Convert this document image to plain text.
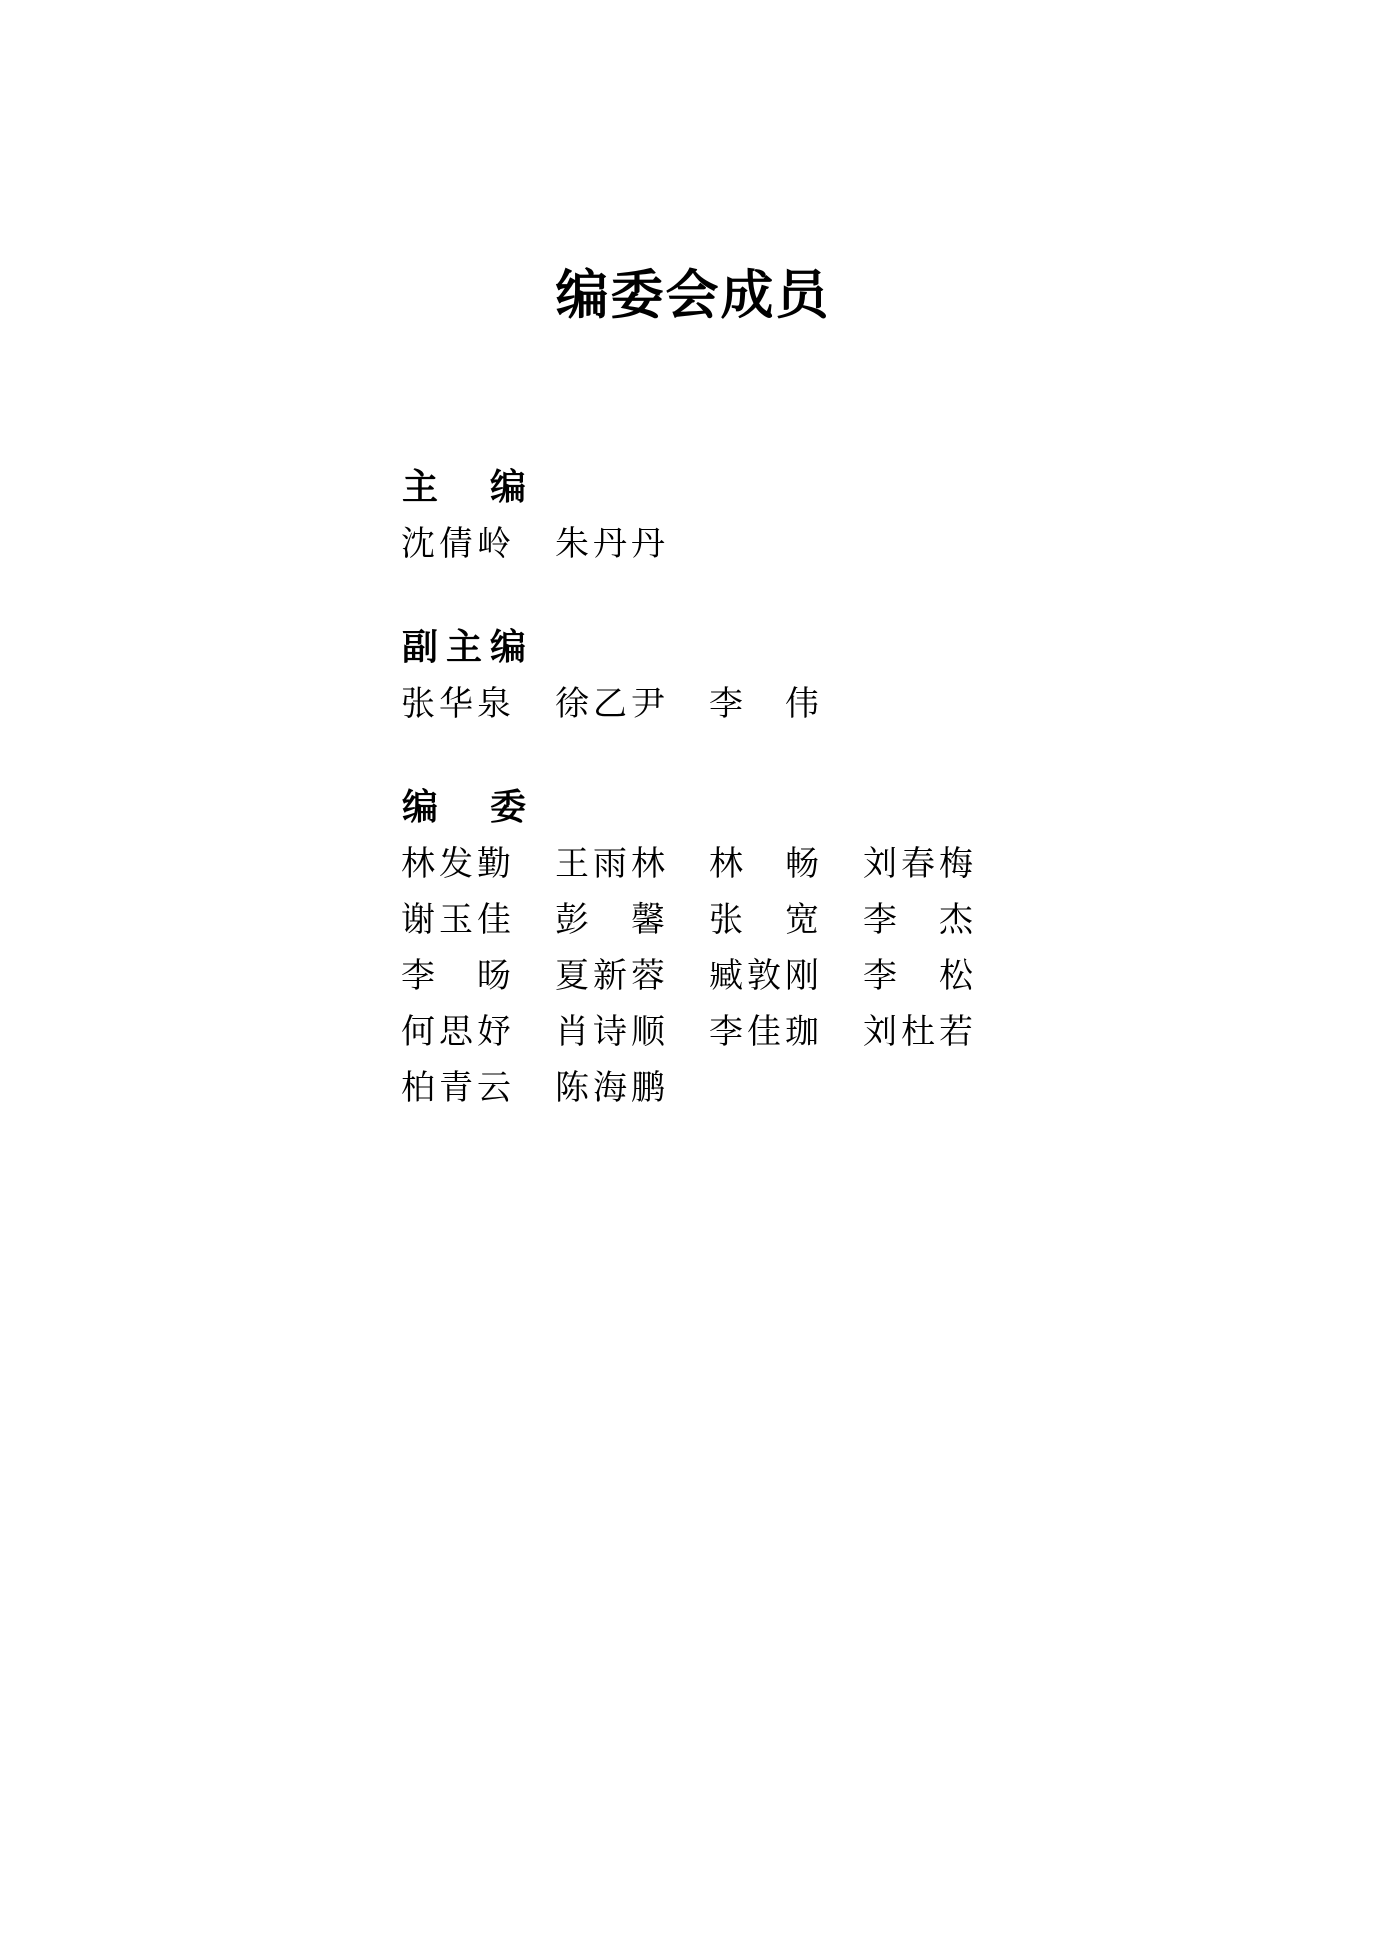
编委会成员
主 编
沈 倩 岭 朱 丹 丹
副 主 编
张 华 泉 徐 乙 尹 李 伟
编 委
林 发 勤 王 雨 林 林 畅 刘 春 梅
谢 玉 佳 彭 馨 张 宽 李 杰
李 旸 夏 新 蓉 臧 敦 刚 李 松
何 思 妤 肖 诗 顺 李 佳 珈 刘 杜 若
柏 青 云 陈 海 鹏
